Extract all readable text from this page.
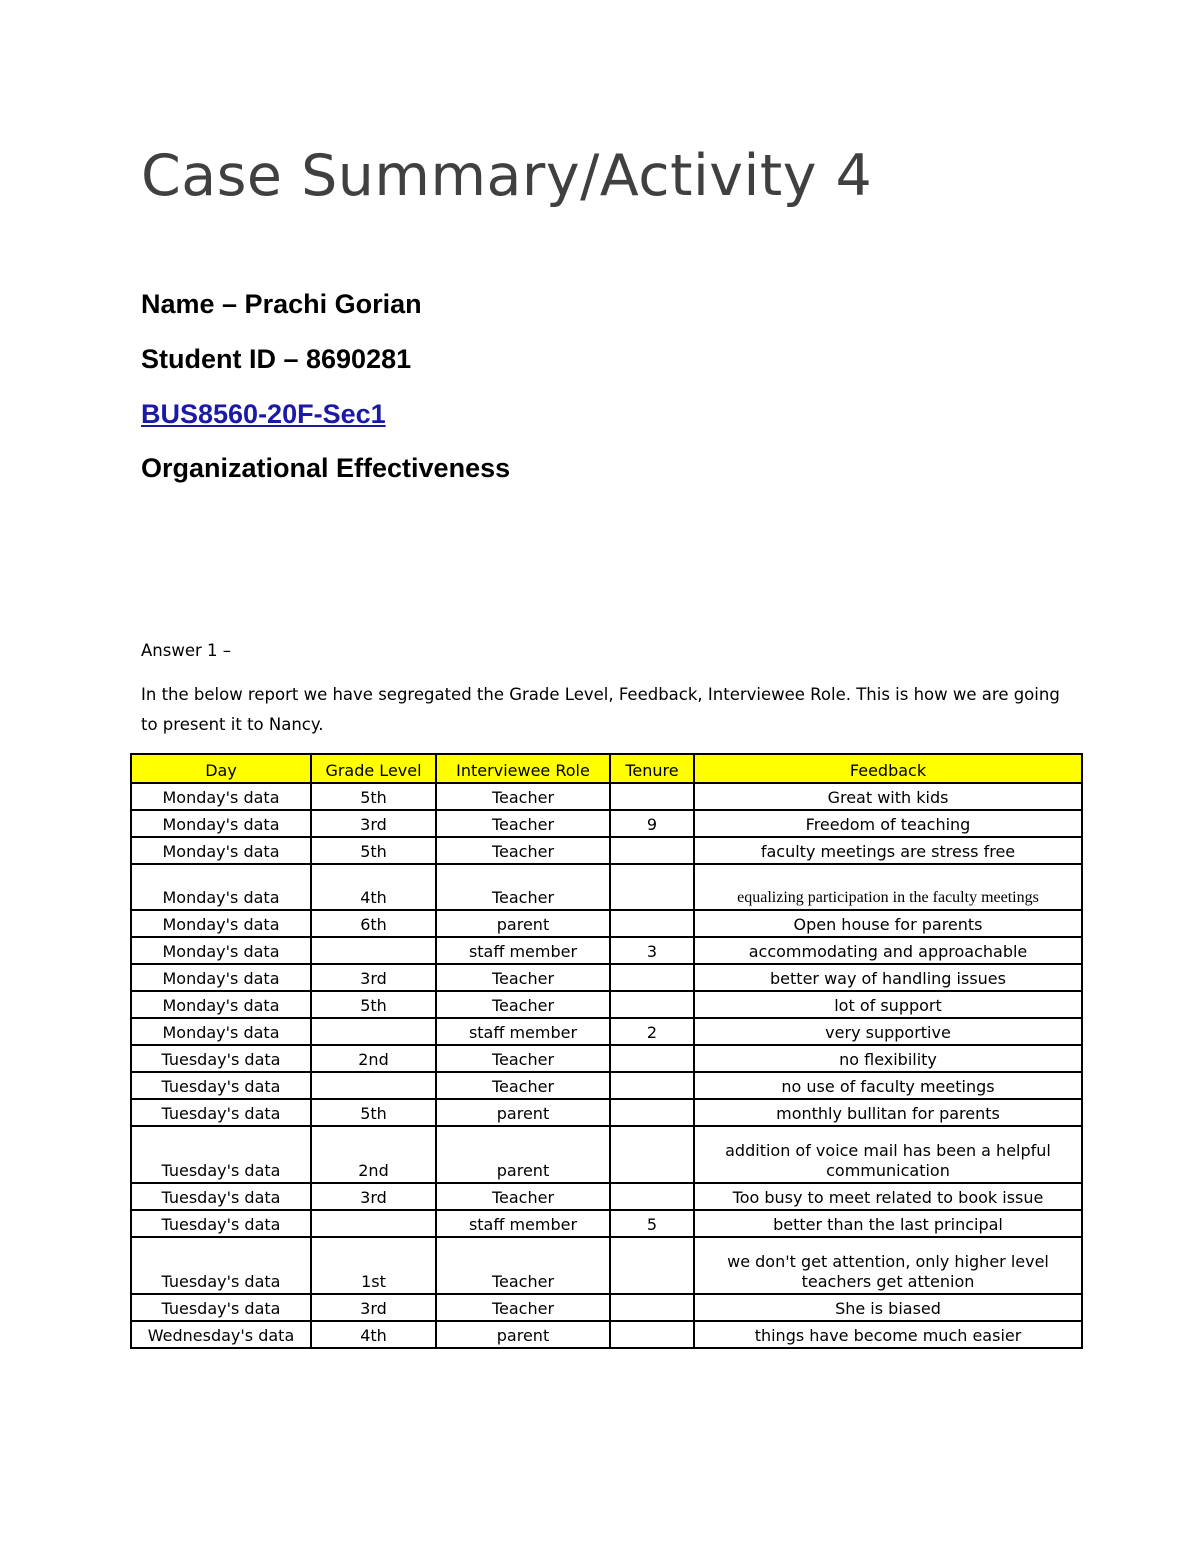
Case Summary/Activity 4

Name – Prachi Gorian

Student ID – 8690281

BUS8560-20F-Sec1

Organizational Effectiveness

Answer 1 –

In the below report we have segregated the Grade Level, Feedback, Interviewee Role. This is how we are going to present it to Nancy.

Day	Grade Level	Interviewee Role	Tenure	Feedback
Monday's data	5th	Teacher		Great with kids
Monday's data	3rd	Teacher	9	Freedom of teaching
Monday's data	5th	Teacher		faculty meetings are stress free
Monday's data	4th	Teacher		equalizing participation in the faculty meetings
Monday's data	6th	parent		Open house for parents
Monday's data		staff member	3	accommodating and approachable
Monday's data	3rd	Teacher		better way of handling issues
Monday's data	5th	Teacher		lot of support
Monday's data		staff member	2	very supportive
Tuesday's data	2nd	Teacher		no flexibility
Tuesday's data		Teacher		no use of faculty meetings
Tuesday's data	5th	parent		monthly bullitan for parents
Tuesday's data	2nd	parent		addition of voice mail has been a helpful communication
Tuesday's data	3rd	Teacher		Too busy to meet related to book issue
Tuesday's data		staff member	5	better than the last principal
Tuesday's data	1st	Teacher		we don't get attention, only higher level teachers get attenion
Tuesday's data	3rd	Teacher		She is biased
Wednesday's data	4th	parent		things have become much easier
